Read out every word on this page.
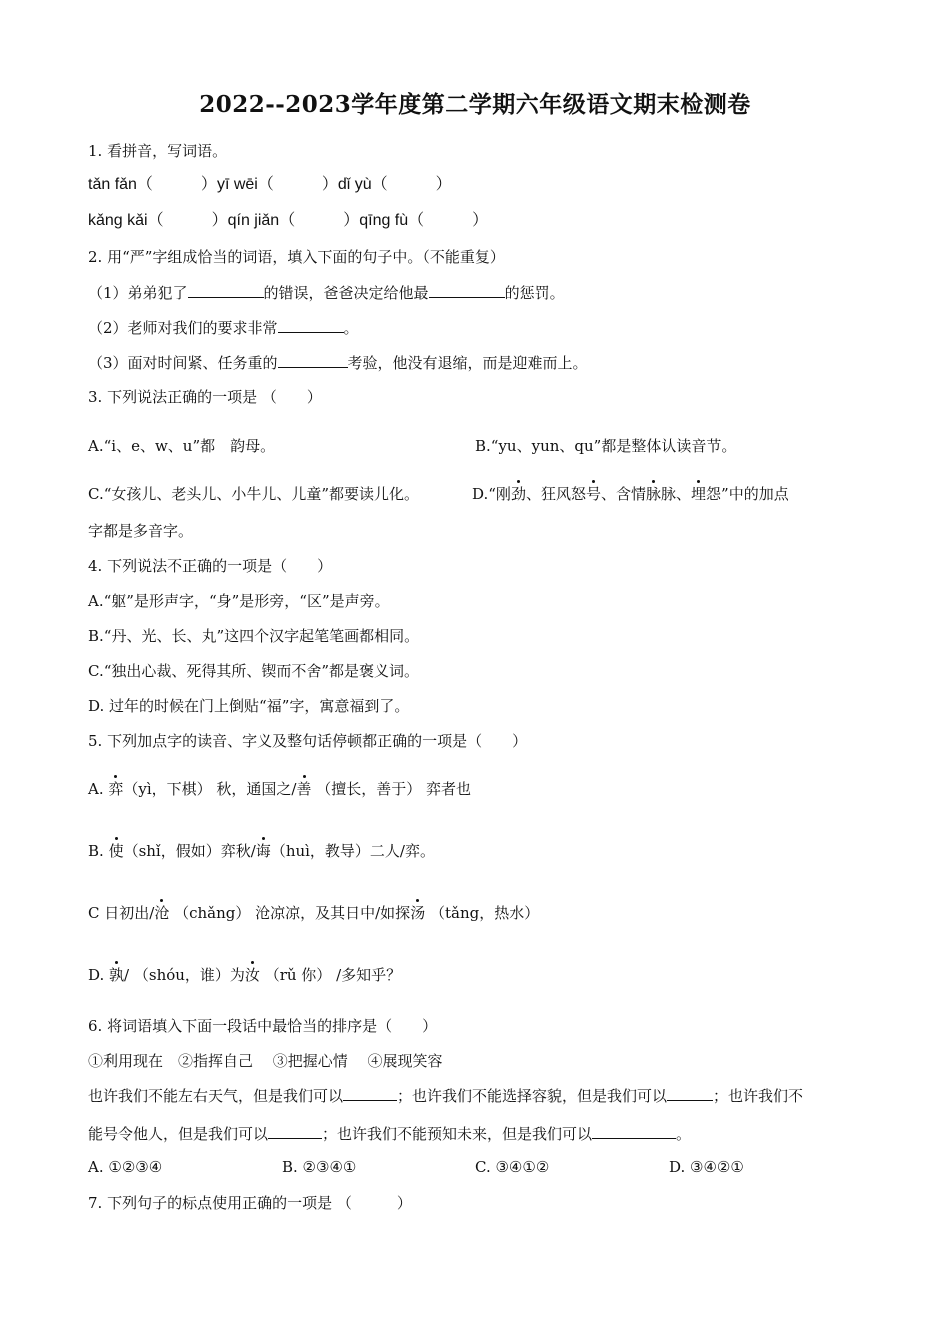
2022--2023学年度第二学期六年级语文期末检测卷
1. 看拼音，写词语。
tǎn fǎn（　　　）yī wēi（　　　）dǐ yù（　　　）
kǎng kǎi（　　　）qín jiǎn（　　　）qīng fù（　　　）
2. 用“严”字组成恰当的词语，填入下面的句子中。（不能重复）
（1）弟弟犯了	的错误，爸爸决定给他最	的惩罚。
（2）老师对我们的要求非常	。
（3）面对时间紧、任务重的	考验，他没有退缩，而是迎难而上。
3. 下列说法正确的一项是 （　　）
A.“i、e、w、u”都　韵母。	B.“yu、yun、qu”都是整体认读音节。
C.“女孩儿、老头儿、小牛儿、儿童”都要读儿化。	D.“刚劲、狂风怒号、含情脉脉、埋怨”中的加点
字都是多音字。
4. 下列说法不正确的一项是（　　）
A.“躯”是形声字，“身”是形旁，“区”是声旁。
B.“丹、光、长、丸”这四个汉字起笔笔画都相同。
C.“独出心裁、死得其所、锲而不舍”都是褒义词。
D. 过年的时候在门上倒贴“福”字，寓意福到了。
5. 下列加点字的读音、字义及整句话停顿都正确的一项是（　　）
A. 弈（yì，下棋） 秋，通国之/善 （擅长，善于） 弈者也
B. 使（shǐ，假如）弈秋/诲（huì，教导）二人/弈。
C 日初出/沧 （chǎng） 沧凉凉，及其日中/如探汤 （tǎng，热水）
D. 孰/ （shóu，谁）为汝 （rǔ 你） /多知乎？
6. 将词语填入下面一段话中最恰当的排序是（　　）
①利用现在　②指挥自己　 ③把握心情　 ④展现笑容
也许我们不能左右天气，但是我们可以	；也许我们不能选择容貌，但是我们可以	；也许我们不
能号令他人，但是我们可以	；也许我们不能预知未来，但是我们可以	。
A. ①②③④	B. ②③④①	C. ③④①②	D. ③④②①
7. 下列句子的标点使用正确的一项是 （　　　）
